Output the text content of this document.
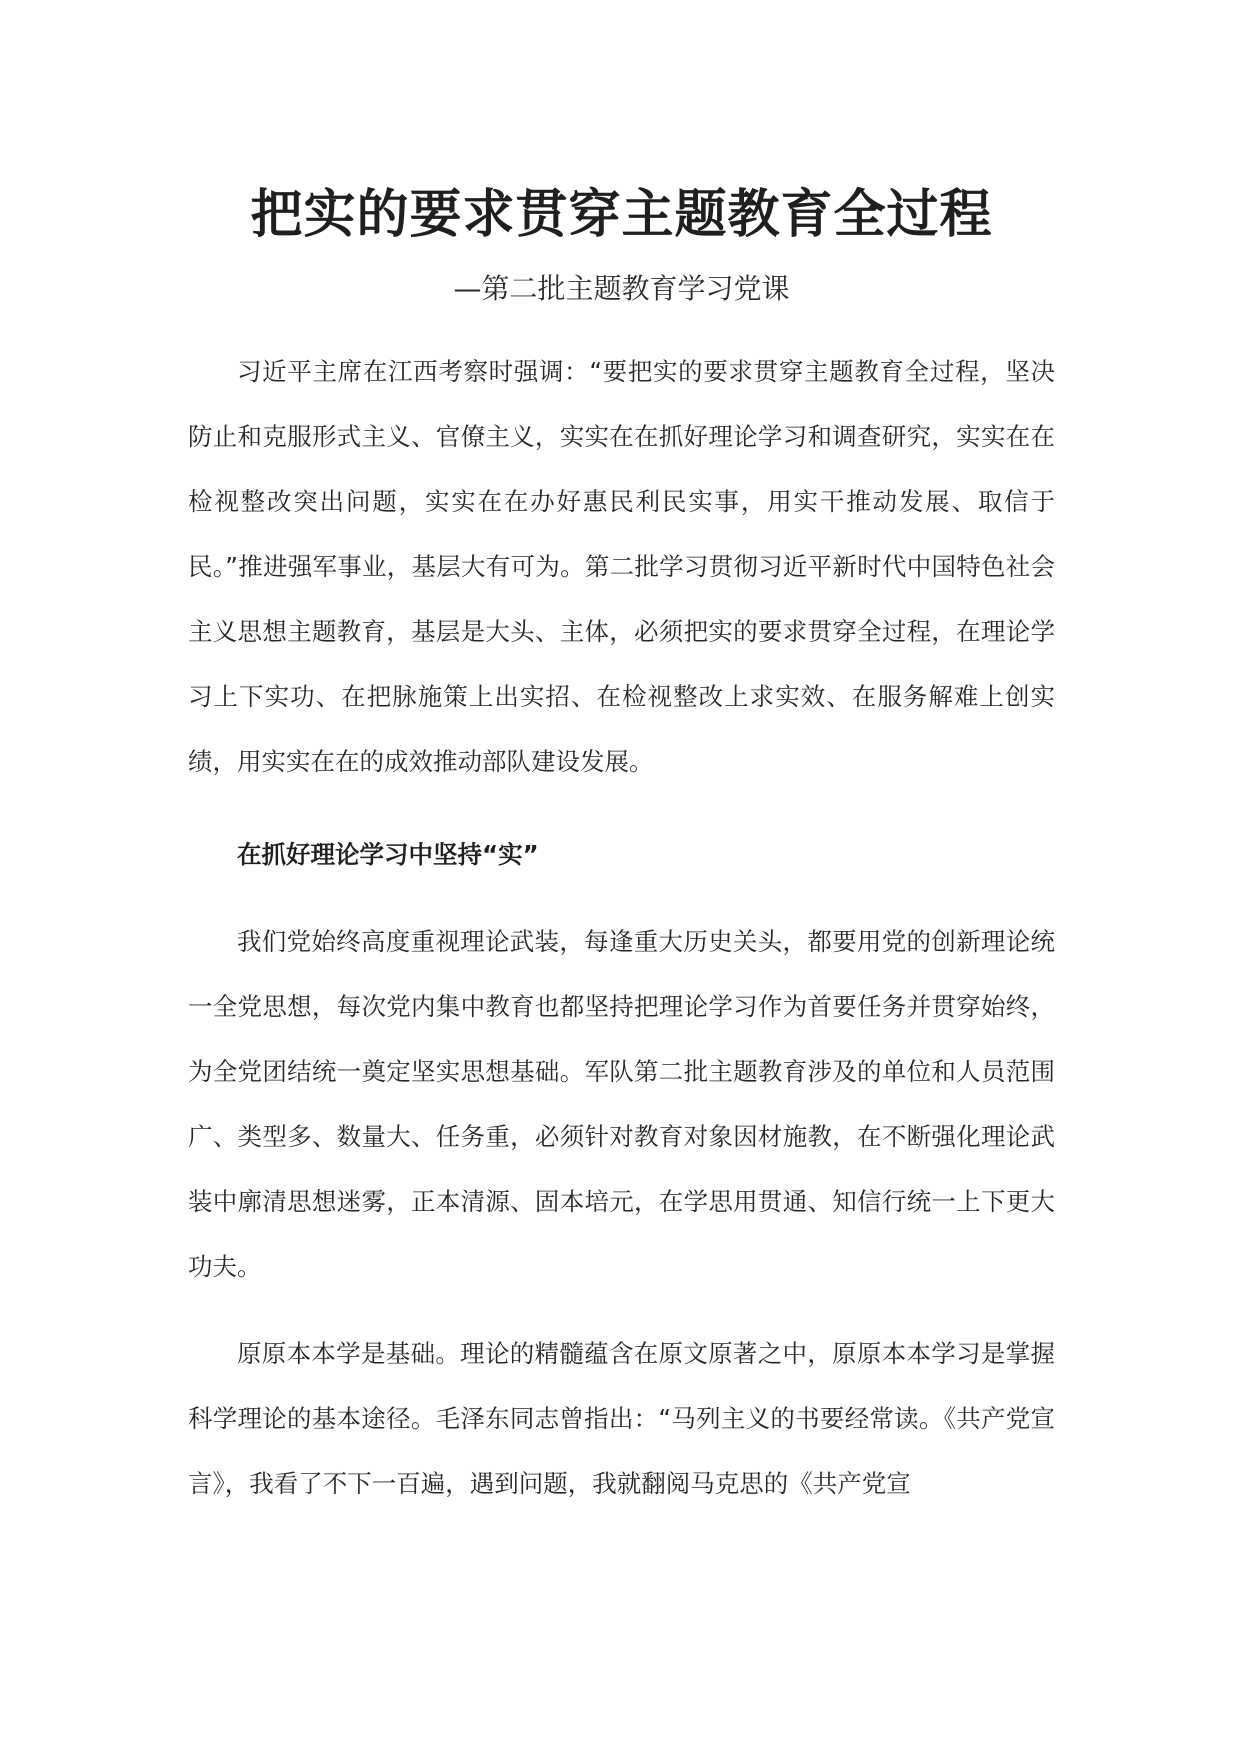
把实的要求贯穿主题教育全过程
—第二批主题教育学习党课

习近平主席在江西考察时强调：“要把实的要求贯穿主题教育全过程，坚决防止和克服形式主义、官僚主义，实实在在抓好理论学习和调查研究，实实在在检视整改突出问题，实实在在办好惠民利民实事，用实干推动发展、取信于民。”推进强军事业，基层大有可为。第二批学习贯彻习近平新时代中国特色社会主义思想主题教育，基层是大头、主体，必须把实的要求贯穿全过程，在理论学习上下实功、在把脉施策上出实招、在检视整改上求实效、在服务解难上创实绩，用实实在在的成效推动部队建设发展。

在抓好理论学习中坚持“实”

我们党始终高度重视理论武装，每逢重大历史关头，都要用党的创新理论统一全党思想，每次党内集中教育也都坚持把理论学习作为首要任务并贯穿始终，为全党团结统一奠定坚实思想基础。军队第二批主题教育涉及的单位和人员范围广、类型多、数量大、任务重，必须针对教育对象因材施教，在不断强化理论武装中廓清思想迷雾，正本清源、固本培元，在学思用贯通、知信行统一上下更大功夫。

原原本本学是基础。理论的精髓蕴含在原文原著之中，原原本本学习是掌握科学理论的基本途径。毛泽东同志曾指出：“马列主义的书要经常读。《共产党宣言》，我看了不下一百遍，遇到问题，我就翻阅马克思的《共产党宣
